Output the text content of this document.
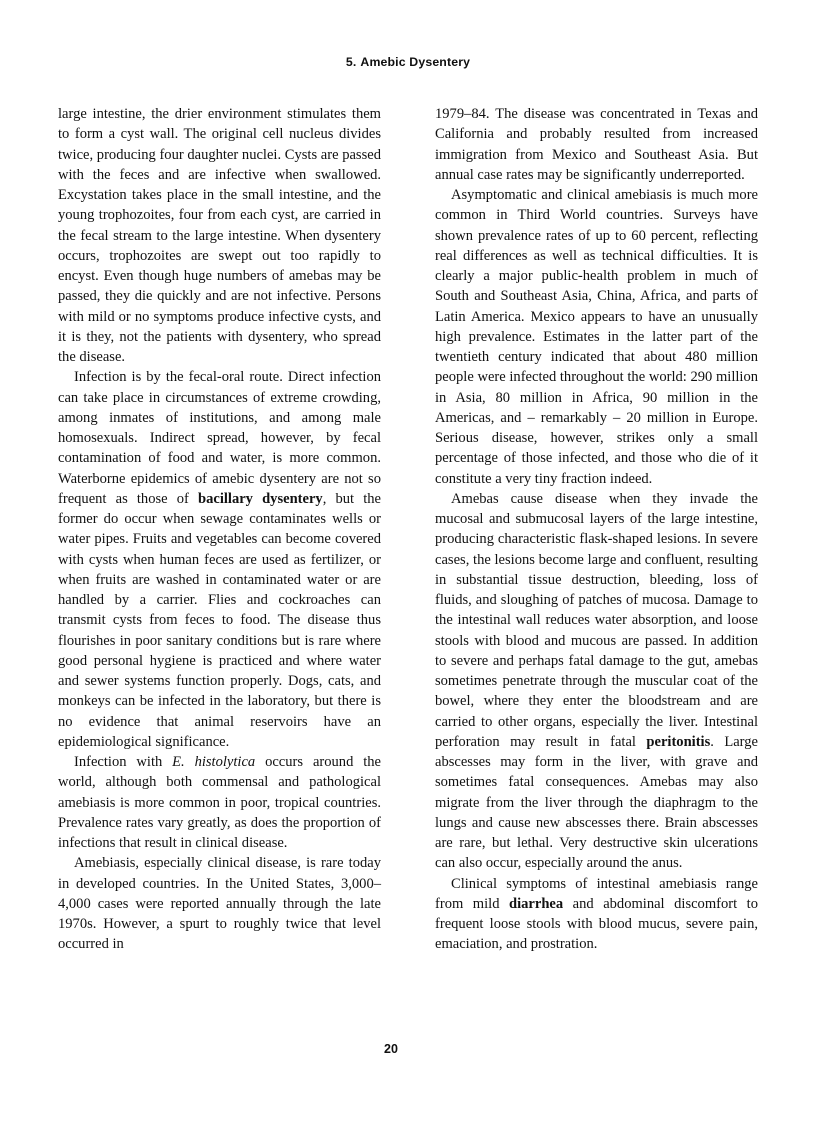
5. Amebic Dysentery

large intestine, the drier environment stimulates them to form a cyst wall. The original cell nucleus divides twice, producing four daughter nuclei. Cysts are passed with the feces and are infective when swallowed. Excystation takes place in the small intestine, and the young trophozoites, four from each cyst, are carried in the fecal stream to the large intestine. When dysentery occurs, trophozoites are swept out too rapidly to encyst. Even though huge numbers of amebas may be passed, they die quickly and are not infective. Persons with mild or no symptoms produce infective cysts, and it is they, not the patients with dysentery, who spread the disease.

Infection is by the fecal-oral route. Direct infection can take place in circumstances of extreme crowding, among inmates of institutions, and among male homosexuals. Indirect spread, however, by fecal contamination of food and water, is more common. Waterborne epidemics of amebic dysentery are not so frequent as those of bacillary dysentery, but the former do occur when sewage contaminates wells or water pipes. Fruits and vegetables can become covered with cysts when human feces are used as fertilizer, or when fruits are washed in contaminated water or are handled by a carrier. Flies and cockroaches can transmit cysts from feces to food. The disease thus flourishes in poor sanitary conditions but is rare where good personal hygiene is practiced and where water and sewer systems function properly. Dogs, cats, and monkeys can be infected in the laboratory, but there is no evidence that animal reservoirs have an epidemiological significance.

Infection with E. histolytica occurs around the world, although both commensal and pathological amebiasis is more common in poor, tropical countries. Prevalence rates vary greatly, as does the proportion of infections that result in clinical disease.

Amebiasis, especially clinical disease, is rare today in developed countries. In the United States, 3,000–4,000 cases were reported annually through the late 1970s. However, a spurt to roughly twice that level occurred in

1979–84. The disease was concentrated in Texas and California and probably resulted from increased immigration from Mexico and Southeast Asia. But annual case rates may be significantly underreported.

Asymptomatic and clinical amebiasis is much more common in Third World countries. Surveys have shown prevalence rates of up to 60 percent, reflecting real differences as well as technical difficulties. It is clearly a major public-health problem in much of South and Southeast Asia, China, Africa, and parts of Latin America. Mexico appears to have an unusually high prevalence. Estimates in the latter part of the twentieth century indicated that about 480 million people were infected throughout the world: 290 million in Asia, 80 million in Africa, 90 million in the Americas, and – remarkably – 20 million in Europe. Serious disease, however, strikes only a small percentage of those infected, and those who die of it constitute a very tiny fraction indeed.

Amebas cause disease when they invade the mucosal and submucosal layers of the large intestine, producing characteristic flask-shaped lesions. In severe cases, the lesions become large and confluent, resulting in substantial tissue destruction, bleeding, loss of fluids, and sloughing of patches of mucosa. Damage to the intestinal wall reduces water absorption, and loose stools with blood and mucous are passed. In addition to severe and perhaps fatal damage to the gut, amebas sometimes penetrate through the muscular coat of the bowel, where they enter the bloodstream and are carried to other organs, especially the liver. Intestinal perforation may result in fatal peritonitis. Large abscesses may form in the liver, with grave and sometimes fatal consequences. Amebas may also migrate from the liver through the diaphragm to the lungs and cause new abscesses there. Brain abscesses are rare, but lethal. Very destructive skin ulcerations can also occur, especially around the anus.

Clinical symptoms of intestinal amebiasis range from mild diarrhea and abdominal discomfort to frequent loose stools with blood mucus, severe pain, emaciation, and prostration.

20
